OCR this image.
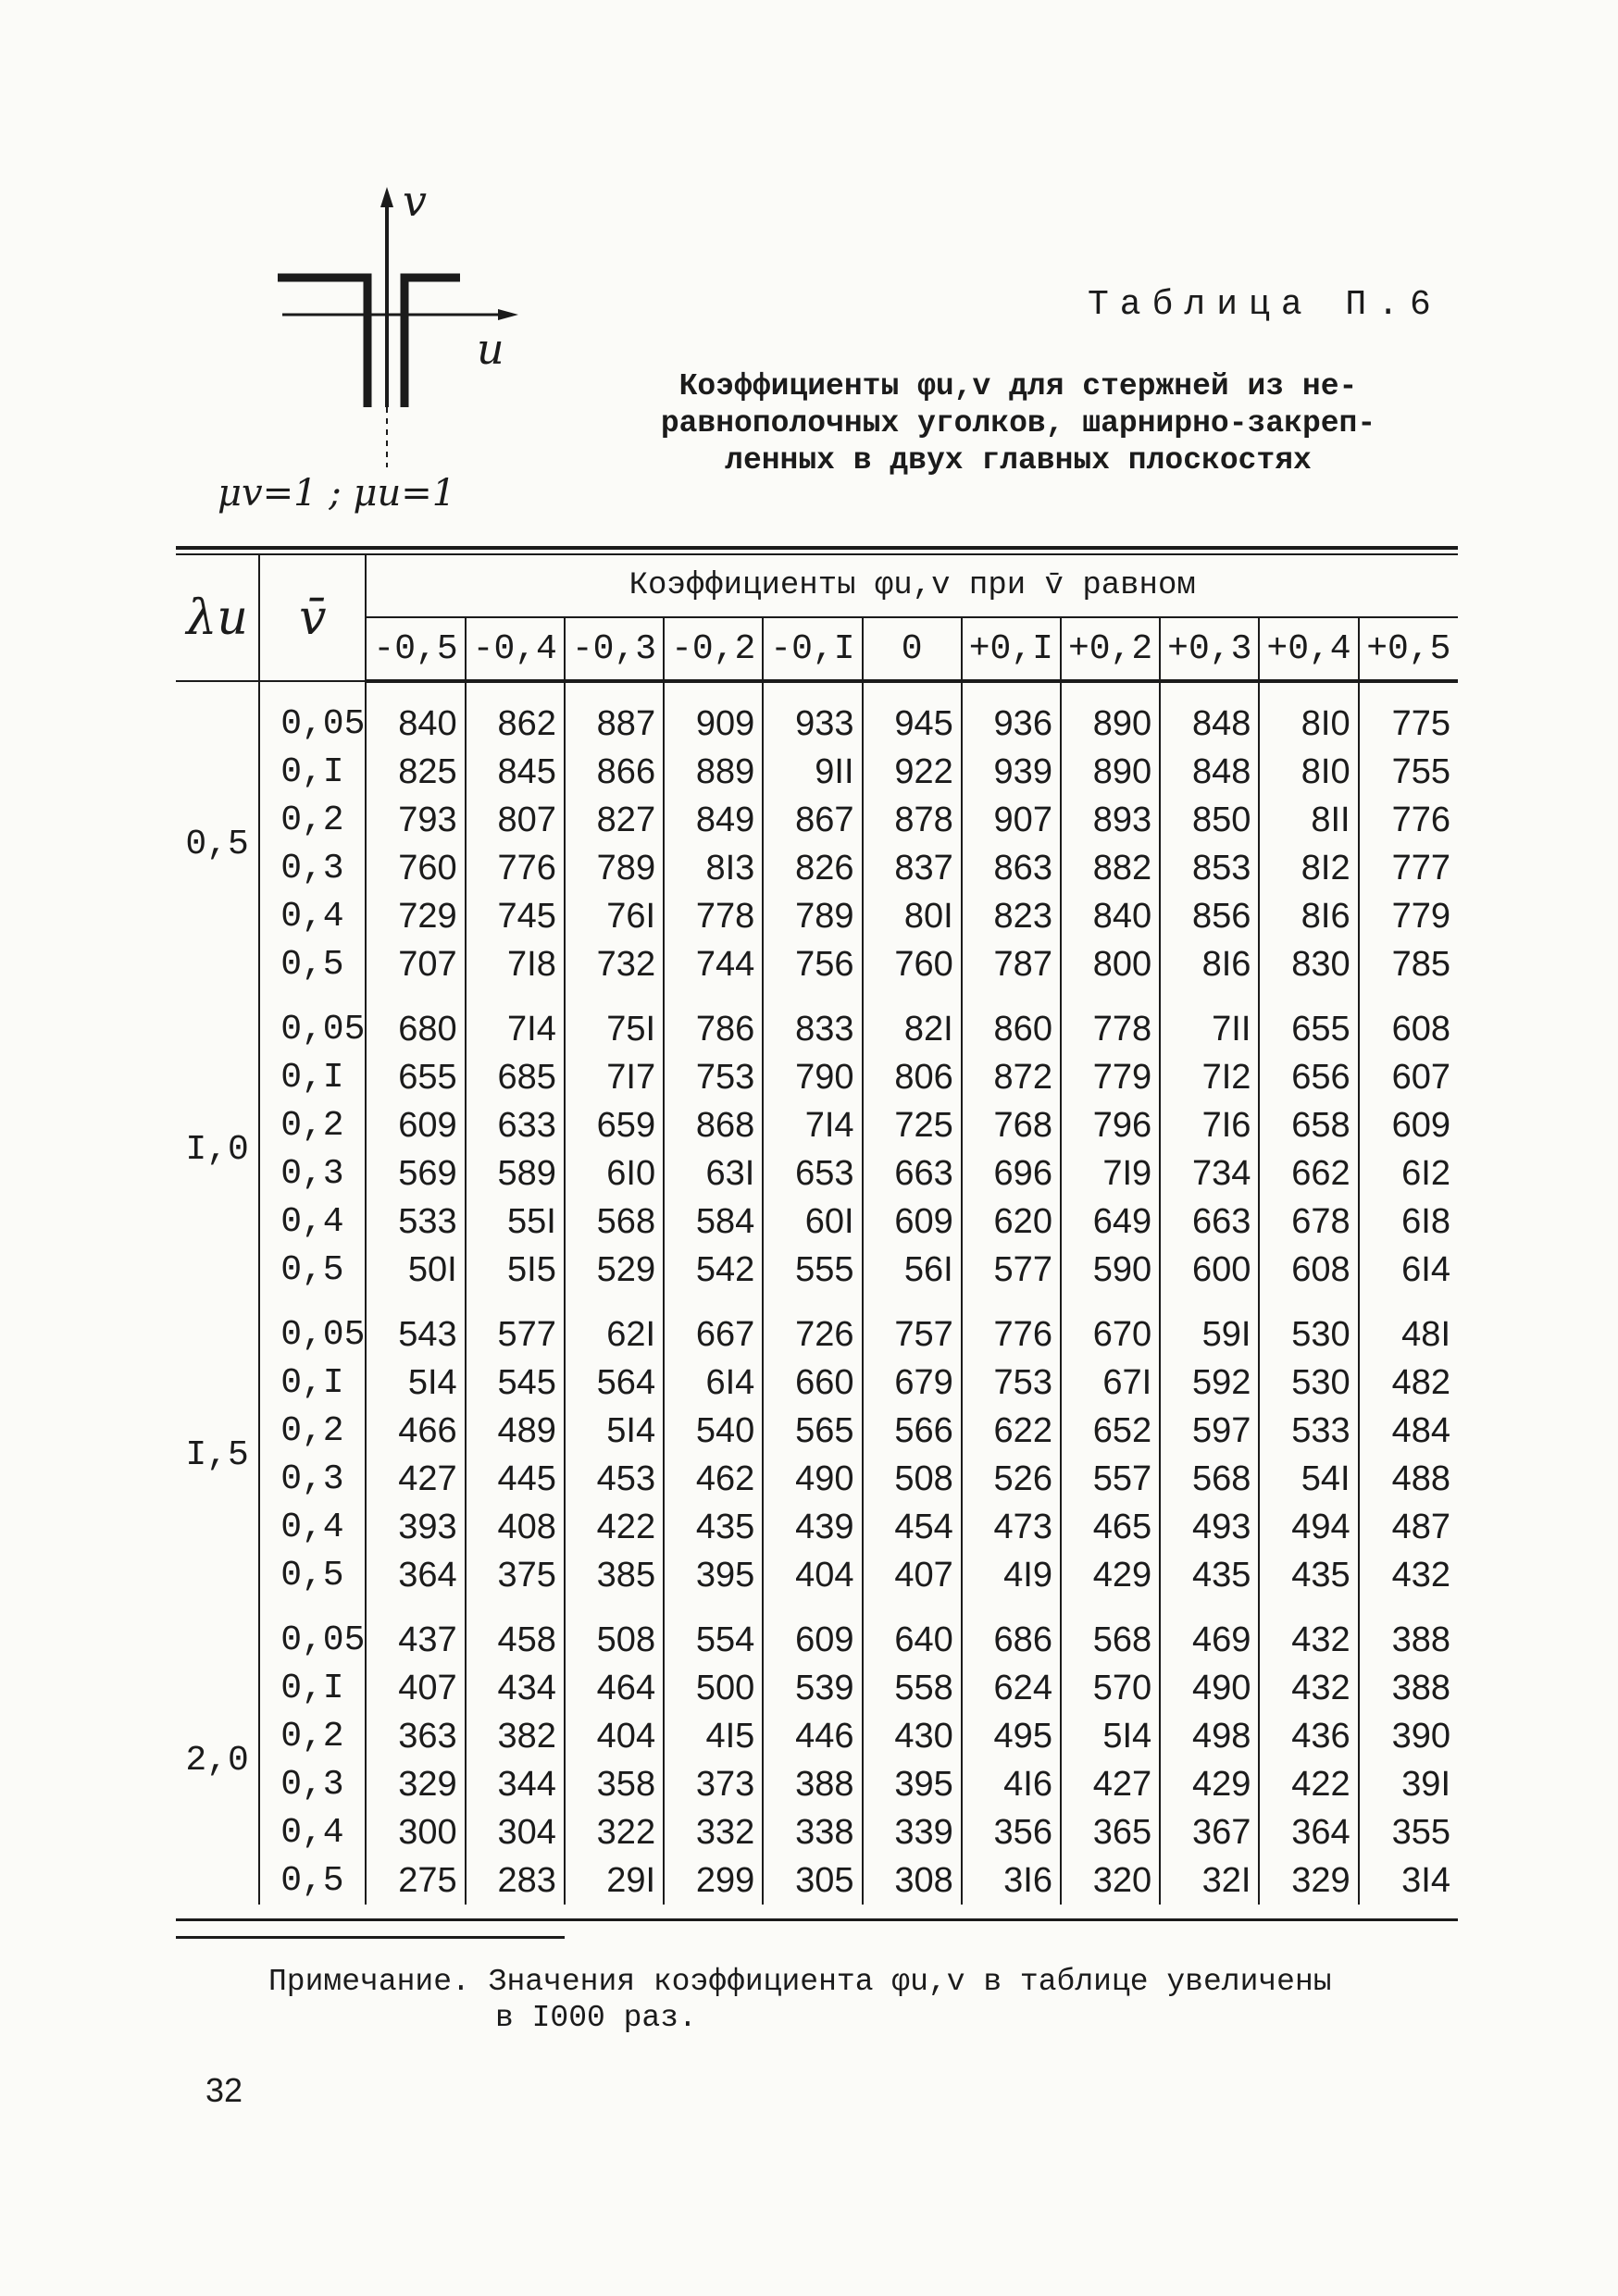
v
u
μv=1 ; μu=1
Таблица П.6
Коэффициенты φu,v для стержней из не-
равнополочных уголков, шарнирно-закреп-
ленных в двух главных плоскостях
λu	v̄	Коэффициенты φu,v при v̄ равном										
		-0,5	-0,4	-0,3	-0,2	-0,I	0	+0,I	+0,2	+0,3	+0,4	+0,5

0,5	0,05	840	862	887	909	933	945	936	890	848	8I0	775
	0,I	825	845	866	889	9II	922	939	890	848	8I0	755
	0,2	793	807	827	849	867	878	907	893	850	8II	776
	0,3	760	776	789	8I3	826	837	863	882	853	8I2	777
	0,4	729	745	76I	778	789	80I	823	840	856	8I6	779
	0,5	707	7I8	732	744	756	760	787	800	8I6	830	785

I,0	0,05	680	7I4	75I	786	833	82I	860	778	7II	655	608
	0,I	655	685	7I7	753	790	806	872	779	7I2	656	607
	0,2	609	633	659	868	7I4	725	768	796	7I6	658	609
	0,3	569	589	6I0	63I	653	663	696	7I9	734	662	6I2
	0,4	533	55I	568	584	60I	609	620	649	663	678	6I8
	0,5	50I	5I5	529	542	555	56I	577	590	600	608	6I4

I,5	0,05	543	577	62I	667	726	757	776	670	59I	530	48I
	0,I	5I4	545	564	6I4	660	679	753	67I	592	530	482
	0,2	466	489	5I4	540	565	566	622	652	597	533	484
	0,3	427	445	453	462	490	508	526	557	568	54I	488
	0,4	393	408	422	435	439	454	473	465	493	494	487
	0,5	364	375	385	395	404	407	4I9	429	435	435	432

2,0	0,05	437	458	508	554	609	640	686	568	469	432	388
	0,I	407	434	464	500	539	558	624	570	490	432	388
	0,2	363	382	404	4I5	446	430	495	5I4	498	436	390
	0,3	329	344	358	373	388	395	4I6	427	429	422	39I
	0,4	300	304	322	332	338	339	356	365	367	364	355
	0,5	275	283	29I	299	305	308	3I6	320	32I	329	3I4
Примечание. Значения коэффициента φu,v в таблице увеличены
в I000 раз.
32
